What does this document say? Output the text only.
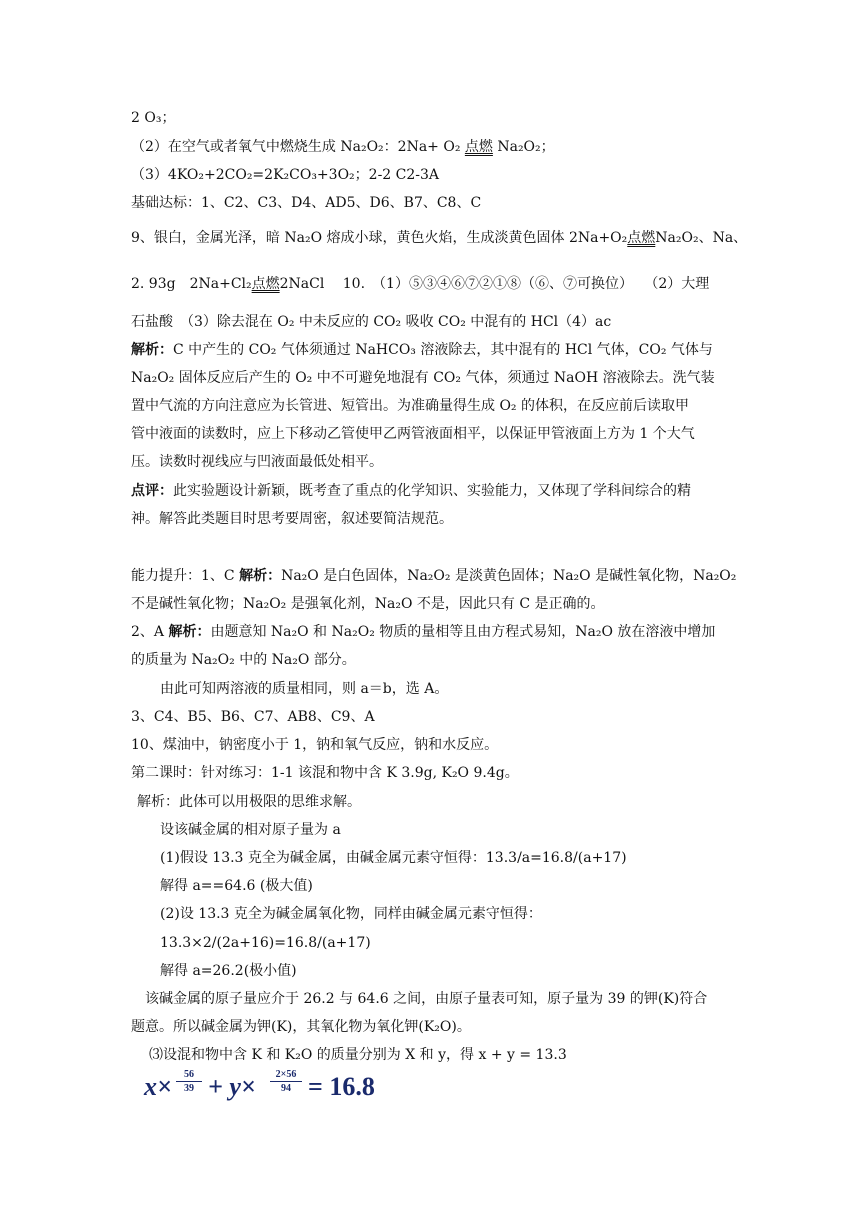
2 O₃；
（2）在空气或者氧气中燃烧生成 Na₂O₂：2Na+ O₂ 点燃 Na₂O₂；
（3）4KO₂+2CO₂=2K₂CO₃+3O₂；2-2 C2-3A
基础达标：1、C2、C3、D4、AD5、D6、B7、C8、C
9、银白，金属光泽，暗 Na₂O 熔成小球，黄色火焰，生成淡黄色固体 2Na+O₂点燃Na₂O₂、Na、
2. 93g　2Na+Cl₂点燃2NaCl　 10.　（1）⑤③④⑥⑦②①⑧（⑥、⑦可换位）　 （2）大理
石盐酸　（3）除去混在 O₂ 中未反应的 CO₂ 吸收 CO₂ 中混有的 HCl（4）ac
解析：C 中产生的 CO₂ 气体须通过 NaHCO₃ 溶液除去，其中混有的 HCl 气体，CO₂ 气体与
Na₂O₂ 固体反应后产生的 O₂ 中不可避免地混有 CO₂ 气体，须通过 NaOH 溶液除去。洗气装
置中气流的方向注意应为长管进、短管出。为准确量得生成 O₂ 的体积，在反应前后读取甲
管中液面的读数时，应上下移动乙管使甲乙两管液面相平，以保证甲管液面上方为 1 个大气
压。读数时视线应与凹液面最低处相平。
点评：此实验题设计新颖，既考查了重点的化学知识、实验能力，又体现了学科间综合的精
神。解答此类题目时思考要周密，叙述要简洁规范。
能力提升：1、C 解析：Na₂O 是白色固体，Na₂O₂ 是淡黄色固体；Na₂O 是碱性氧化物，Na₂O₂
不是碱性氧化物；Na₂O₂ 是强氧化剂，Na₂O 不是，因此只有 C 是正确的。
2、A 解析：由题意知 Na₂O 和 Na₂O₂ 物质的量相等且由方程式易知，Na₂O 放在溶液中增加
的质量为 Na₂O₂ 中的 Na₂O 部分。
由此可知两溶液的质量相同，则 a＝b，选 A。
3、C4、B5、B6、C7、AB8、C9、A
10、煤油中，钠密度小于 1，钠和氧气反应，钠和水反应。
第二课时：针对练习：1-1 该混和物中含 K 3.9g, K₂O 9.4g。
解析：此体可以用极限的思维求解。
设该碱金属的相对原子量为 a
(1)假设 13.3 克全为碱金属，由碱金属元素守恒得：13.3/a=16.8/(a+17)
解得 a==64.6 (极大值)
(2)设 13.3 克全为碱金属氧化物，同样由碱金属元素守恒得：
13.3×2/(2a+16)=16.8/(a+17)
解得 a=26.2(极小值)
该碱金属的原子量应介于 26.2 与 64.6 之间，由原子量表可知，原子量为 39 的钾(K)符合
题意。所以碱金属为钾(K)，其氧化物为氧化钾(K₂O)。
⑶设混和物中含 K 和 K₂O 的质量分别为 X 和 y，得 x + y = 13.3
$x\times \frac{56}{39} + y\times \frac{2\times 56}{94} = 16.8$
